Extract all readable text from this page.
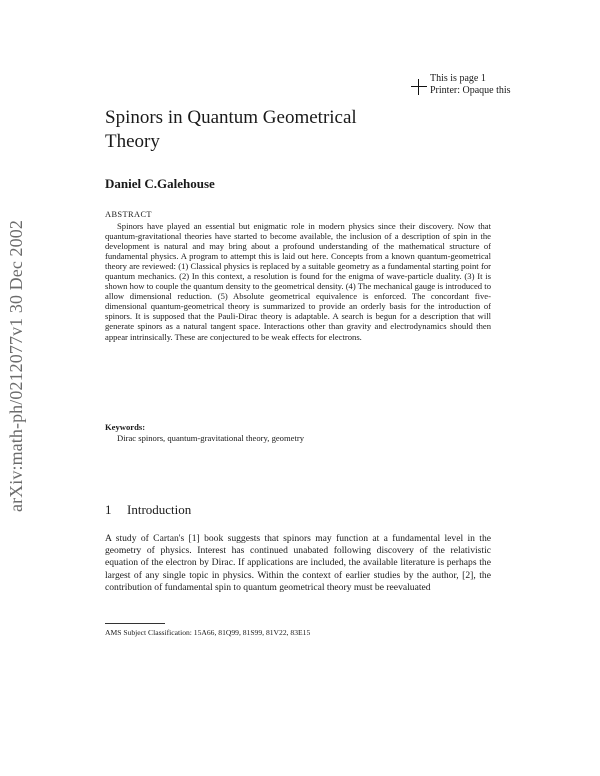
arXiv:math-ph/0212077v1 30 Dec 2002
This is page 1
Printer: Opaque this
Spinors in Quantum Geometrical Theory
Daniel C.Galehouse
ABSTRACT

Spinors have played an essential but enigmatic role in modern physics since their discovery. Now that quantum-gravitational theories have started to become available, the inclusion of a description of spin in the development is natural and may bring about a profound understanding of the mathematical structure of fundamental physics. A program to attempt this is laid out here. Concepts from a known quantum-geometrical theory are reviewed: (1) Classical physics is replaced by a suitable geometry as a fundamental starting point for quantum mechanics. (2) In this context, a resolution is found for the enigma of wave-particle duality. (3) It is shown how to couple the quantum density to the geometrical density. (4) The mechanical gauge is introduced to allow dimensional reduction. (5) Absolute geometrical equivalence is enforced. The concordant five-dimensional quantum-geometrical theory is summarized to provide an orderly basis for the introduction of spinors. It is supposed that the Pauli-Dirac theory is adaptable. A search is begun for a description that will generate spinors as a natural tangent space. Interactions other than gravity and electrodynamics should then appear intrinsically. These are conjectured to be weak effects for electrons.

Keywords:
Dirac spinors, quantum-gravitational theory, geometry
1 Introduction

A study of Cartan's [1] book suggests that spinors may function at a fundamental level in the geometry of physics. Interest has continued unabated following discovery of the relativistic equation of the electron by Dirac. If applications are included, the available literature is perhaps the largest of any single topic in physics. Within the context of earlier studies by the author, [2], the contribution of fundamental spin to quantum geometrical theory must be reevaluated

AMS Subject Classification: 15A66, 81Q99, 81S99, 81V22, 83E15
